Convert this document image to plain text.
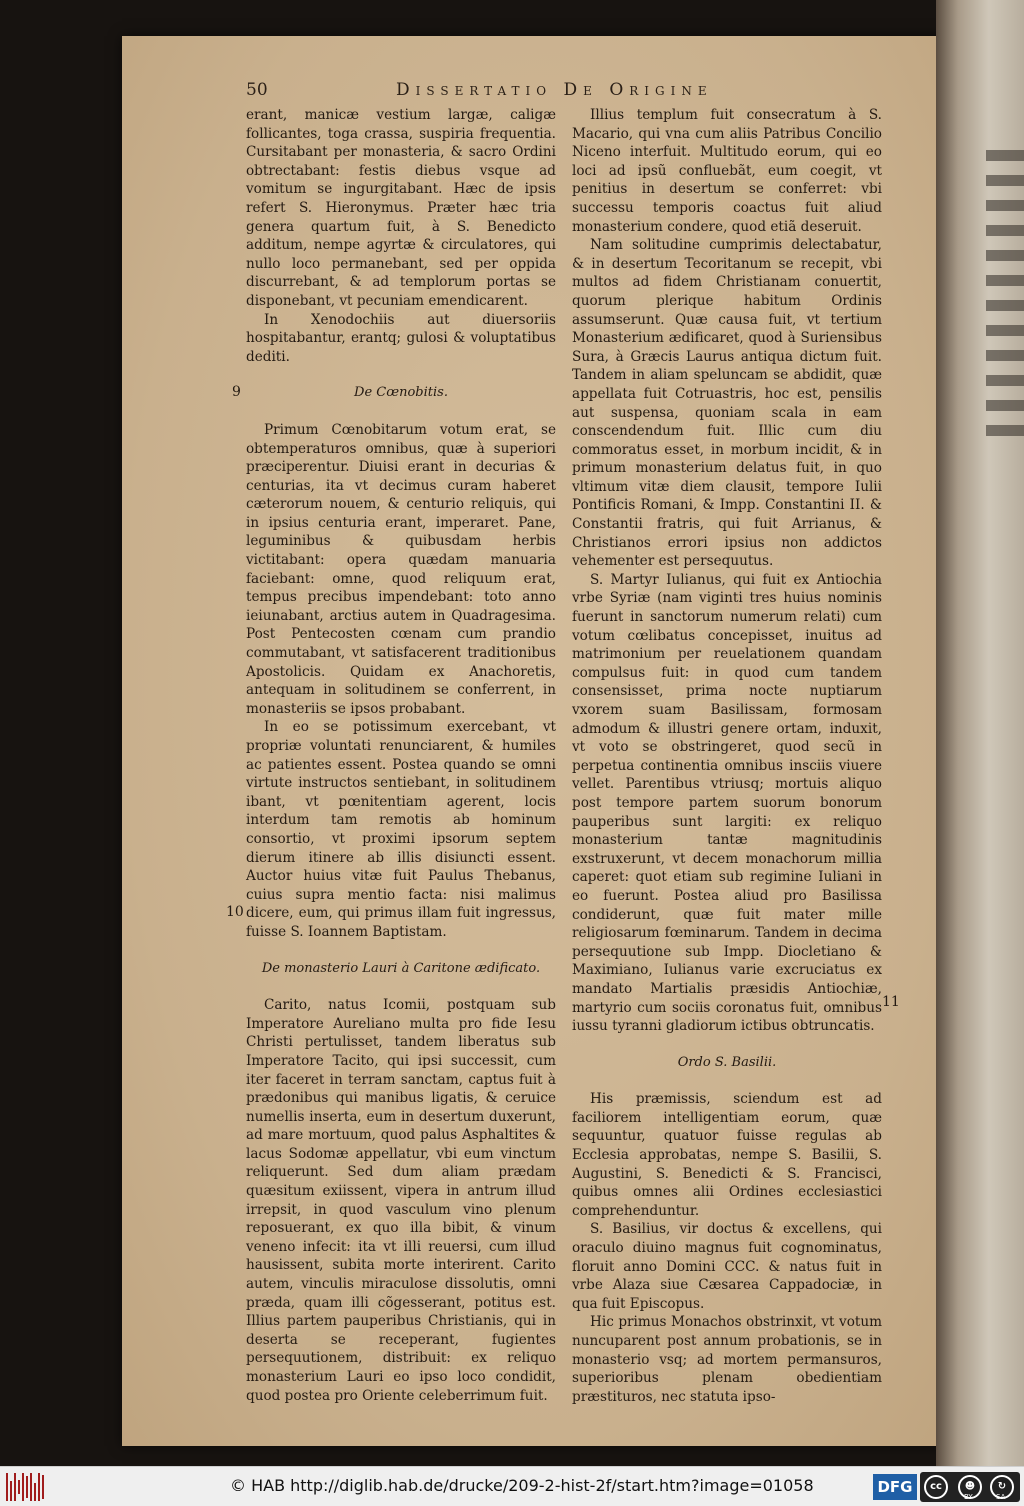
50	Dissertatio De Origine
9
10
11

erant, manicæ vestium largæ, caligæ follicantes, toga crassa, suspiria frequentia. Cursitabant per monasteria, & sacro Ordini obtrectabant: festis diebus vsque ad vomitum se ingurgitabant. Hæc de ipsis refert S. Hieronymus. Præter hæc tria genera quartum fuit, à S. Benedicto additum, nempe agyrtæ & circulatores, qui nullo loco permanebant, sed per oppida discurrebant, & ad templorum portas se disponebant, vt pecuniam emendicarent.

In Xenodochiis aut diuersoriis hospitabantur, erantq; gulosi & voluptatibus dediti.

De Cœnobitis.

Primum Cœnobitarum votum erat, se obtemperaturos omnibus, quæ à superiori præciperentur. Diuisi erant in decurias & centurias, ita vt decimus curam haberet cæterorum nouem, & centurio reliquis, qui in ipsius centuria erant, imperaret. Pane, leguminibus & quibusdam herbis victitabant: opera quædam manuaria faciebant: omne, quod reliquum erat, tempus precibus impendebant: toto anno ieiunabant, arctius autem in Quadragesima. Post Pentecosten cœnam cum prandio commutabant, vt satisfacerent traditionibus Apostolicis. Quidam ex Anachoretis, antequam in solitudinem se conferrent, in monasteriis se ipsos probabant.

In eo se potissimum exercebant, vt propriæ voluntati renunciarent, & humiles ac patientes essent. Postea quando se omni virtute instructos sentiebant, in solitudinem ibant, vt pœnitentiam agerent, locis interdum tam remotis ab hominum consortio, vt proximi ipsorum septem dierum itinere ab illis disiuncti essent. Auctor huius vitæ fuit Paulus Thebanus, cuius supra mentio facta: nisi malimus dicere, eum, qui primus illam fuit ingressus, fuisse S. Ioannem Baptistam.

De monasterio Lauri à Caritone ædificato.

Carito, natus Icomii, postquam sub Imperatore Aureliano multa pro fide Iesu Christi pertulisset, tandem liberatus sub Imperatore Tacito, qui ipsi successit, cum iter faceret in terram sanctam, captus fuit à prædonibus qui manibus ligatis, & ceruice numellis inserta, eum in desertum duxerunt, ad mare mortuum, quod palus Asphaltites & lacus Sodomæ appellatur, vbi eum vinctum reliquerunt. Sed dum aliam prædam quæsitum exiissent, vipera in antrum illud irrepsit, in quod vasculum vino plenum reposuerant, ex quo illa bibit, & vinum veneno infecit: ita vt illi reuersi, cum illud hausissent, subita morte interirent. Carito autem, vinculis miraculose dissolutis, omni præda, quam illi cõgesserant, potitus est. Illius partem pauperibus Christianis, qui in deserta se receperant, fugientes persequutionem, distribuit: ex reliquo monasterium Lauri eo ipso loco condidit, quod postea pro Oriente celeberrimum fuit.

Illius templum fuit consecratum à S. Macario, qui vna cum aliis Patribus Concilio Niceno interfuit. Multitudo eorum, qui eo loci ad ipsũ confluebãt, eum coegit, vt penitius in desertum se conferret: vbi successu temporis coactus fuit aliud monasterium condere, quod etiã deseruit.

Nam solitudine cumprimis delectabatur, & in desertum Tecoritanum se recepit, vbi multos ad fidem Christianam conuertit, quorum plerique habitum Ordinis assumserunt. Quæ causa fuit, vt tertium Monasterium ædificaret, quod à Suriensibus Sura, à Græcis Laurus antiqua dictum fuit. Tandem in aliam speluncam se abdidit, quæ appellata fuit Cotruastris, hoc est, pensilis aut suspensa, quoniam scala in eam conscendendum fuit. Illic cum diu commoratus esset, in morbum incidit, & in primum monasterium delatus fuit, in quo vltimum vitæ diem clausit, tempore Iulii Pontificis Romani, & Impp. Constantini II. & Constantii fratris, qui fuit Arrianus, & Christianos errori ipsius non addictos vehementer est persequutus.

S. Martyr Iulianus, qui fuit ex Antiochia vrbe Syriæ (nam viginti tres huius nominis fuerunt in sanctorum numerum relati) cum votum cœlibatus concepisset, inuitus ad matrimonium per reuelationem quandam compulsus fuit: in quod cum tandem consensisset, prima nocte nuptiarum vxorem suam Basilissam, formosam admodum & illustri genere ortam, induxit, vt voto se obstringeret, quod secũ in perpetua continentia omnibus insciis viuere vellet. Parentibus vtriusq; mortuis aliquo post tempore partem suorum bonorum pauperibus sunt largiti: ex reliquo monasterium tantæ magnitudinis exstruxerunt, vt decem monachorum millia caperet: quot etiam sub regimine Iuliani in eo fuerunt. Postea aliud pro Basilissa condiderunt, quæ fuit mater mille religiosarum fœminarum. Tandem in decima persequutione sub Impp. Diocletiano & Maximiano, Iulianus varie excruciatus ex mandato Martialis præsidis Antiochiæ, martyrio cum sociis coronatus fuit, omnibus iussu tyranni gladiorum ictibus obtruncatis.

Ordo S. Basilii.

His præmissis, sciendum est ad faciliorem intelligentiam eorum, quæ sequuntur, quatuor fuisse regulas ab Ecclesia approbatas, nempe S. Basilii, S. Augustini, S. Benedicti & S. Francisci, quibus omnes alii Ordines ecclesiastici comprehenduntur.

S. Basilius, vir doctus & excellens, qui oraculo diuino magnus fuit cognominatus, floruit anno Domini CCC. & natus fuit in vrbe Alaza siue Cæsarea Cappadociæ, in qua fuit Episcopus.

Hic primus Monachos obstrinxit, vt votum nuncuparent post annum probationis, se in monasterio vsq; ad mortem permansuros, superioribus plenam obedientiam præstituros, nec statuta ipso-

© HAB http://diglib.hab.de/drucke/209-2-hist-2f/start.htm?image=01058	DFG	cc	☻	↻
BY	SA
